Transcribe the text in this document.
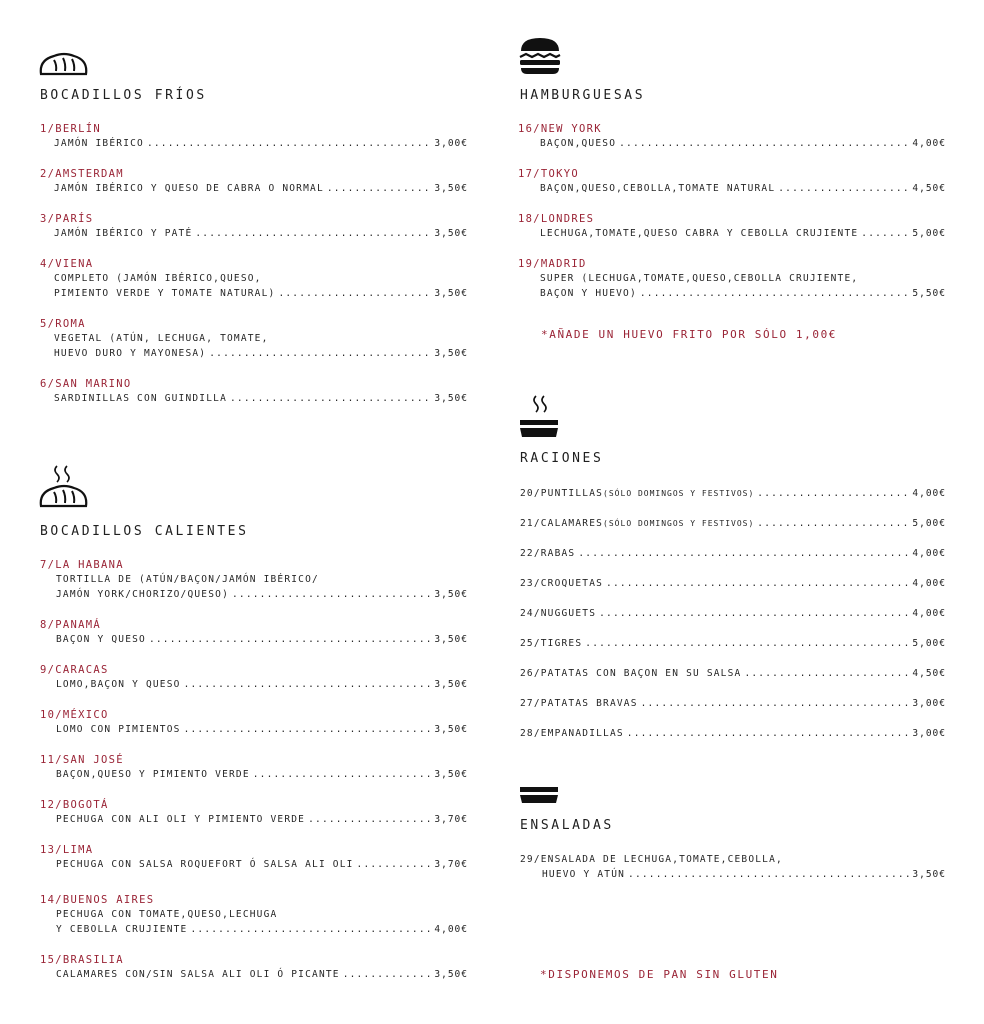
BOCADILLOS FRÍOS
1/BERLÍN
JAMÓN IBÉRICO .....	3,00€
2/AMSTERDAM
JAMÓN IBÉRICO Y QUESO DE CABRA O NORMAL .....	3,50€
3/PARÍS
JAMÓN IBÉRICO Y PATÉ .....	3,50€
4/VIENA
COMPLETO (JAMÓN IBÉRICO,QUESO,
PIMIENTO VERDE Y TOMATE NATURAL) .....	3,50€
5/ROMA
VEGETAL (ATÚN, LECHUGA, TOMATE,
HUEVO DURO Y MAYONESA) .....	3,50€
6/SAN MARINO
SARDINILLAS CON GUINDILLA .....	3,50€
BOCADILLOS CALIENTES
7/LA HABANA
TORTILLA DE (ATÚN/BAÇON/JAMÓN IBÉRICO/
JAMÓN YORK/CHORIZO/QUESO) .....	3,50€
8/PANAMÁ
BAÇON Y QUESO .....	3,50€
9/CARACAS
LOMO,BAÇON Y QUESO .....	3,50€
10/MÉXICO
LOMO CON PIMIENTOS .....	3,50€
11/SAN JOSÉ
BAÇON,QUESO Y PIMIENTO VERDE .....	3,50€
12/BOGOTÁ
PECHUGA CON ALI OLI Y PIMIENTO VERDE .....	3,70€
13/LIMA
PECHUGA CON SALSA ROQUEFORT Ó SALSA ALI OLI .....	3,70€
14/BUENOS AIRES
PECHUGA CON TOMATE,QUESO,LECHUGA
Y CEBOLLA CRUJIENTE .....	4,00€
15/BRASILIA
CALAMARES CON/SIN SALSA ALI OLI Ó PICANTE .....	3,50€
HAMBURGUESAS
16/NEW YORK
BAÇON,QUESO .....	4,00€
17/TOKYO
BAÇON,QUESO,CEBOLLA,TOMATE NATURAL .....	4,50€
18/LONDRES
LECHUGA,TOMATE,QUESO CABRA Y CEBOLLA CRUJIENTE .....	5,00€
19/MADRID
SUPER (LECHUGA,TOMATE,QUESO,CEBOLLA CRUJIENTE,
BAÇON Y HUEVO) .....	5,50€
*AÑADE UN HUEVO FRITO POR SÓLO 1,00€
RACIONES
20/PUNTILLAS(SÓLO DOMINGOS Y FESTIVOS) .....	4,00€
21/CALAMARES(SÓLO DOMINGOS Y FESTIVOS) .....	5,00€
22/RABAS .....	4,00€
23/CROQUETAS .....	4,00€
24/NUGGUETS .....	4,00€
25/TIGRES .....	5,00€
26/PATATAS CON BAÇON EN SU SALSA .....	4,50€
27/PATATAS BRAVAS .....	3,00€
28/EMPANADILLAS .....	3,00€
ENSALADAS
29/ENSALADA DE LECHUGA,TOMATE,CEBOLLA,
HUEVO Y ATÚN .....	3,50€
*DISPONEMOS DE PAN SIN GLUTEN
